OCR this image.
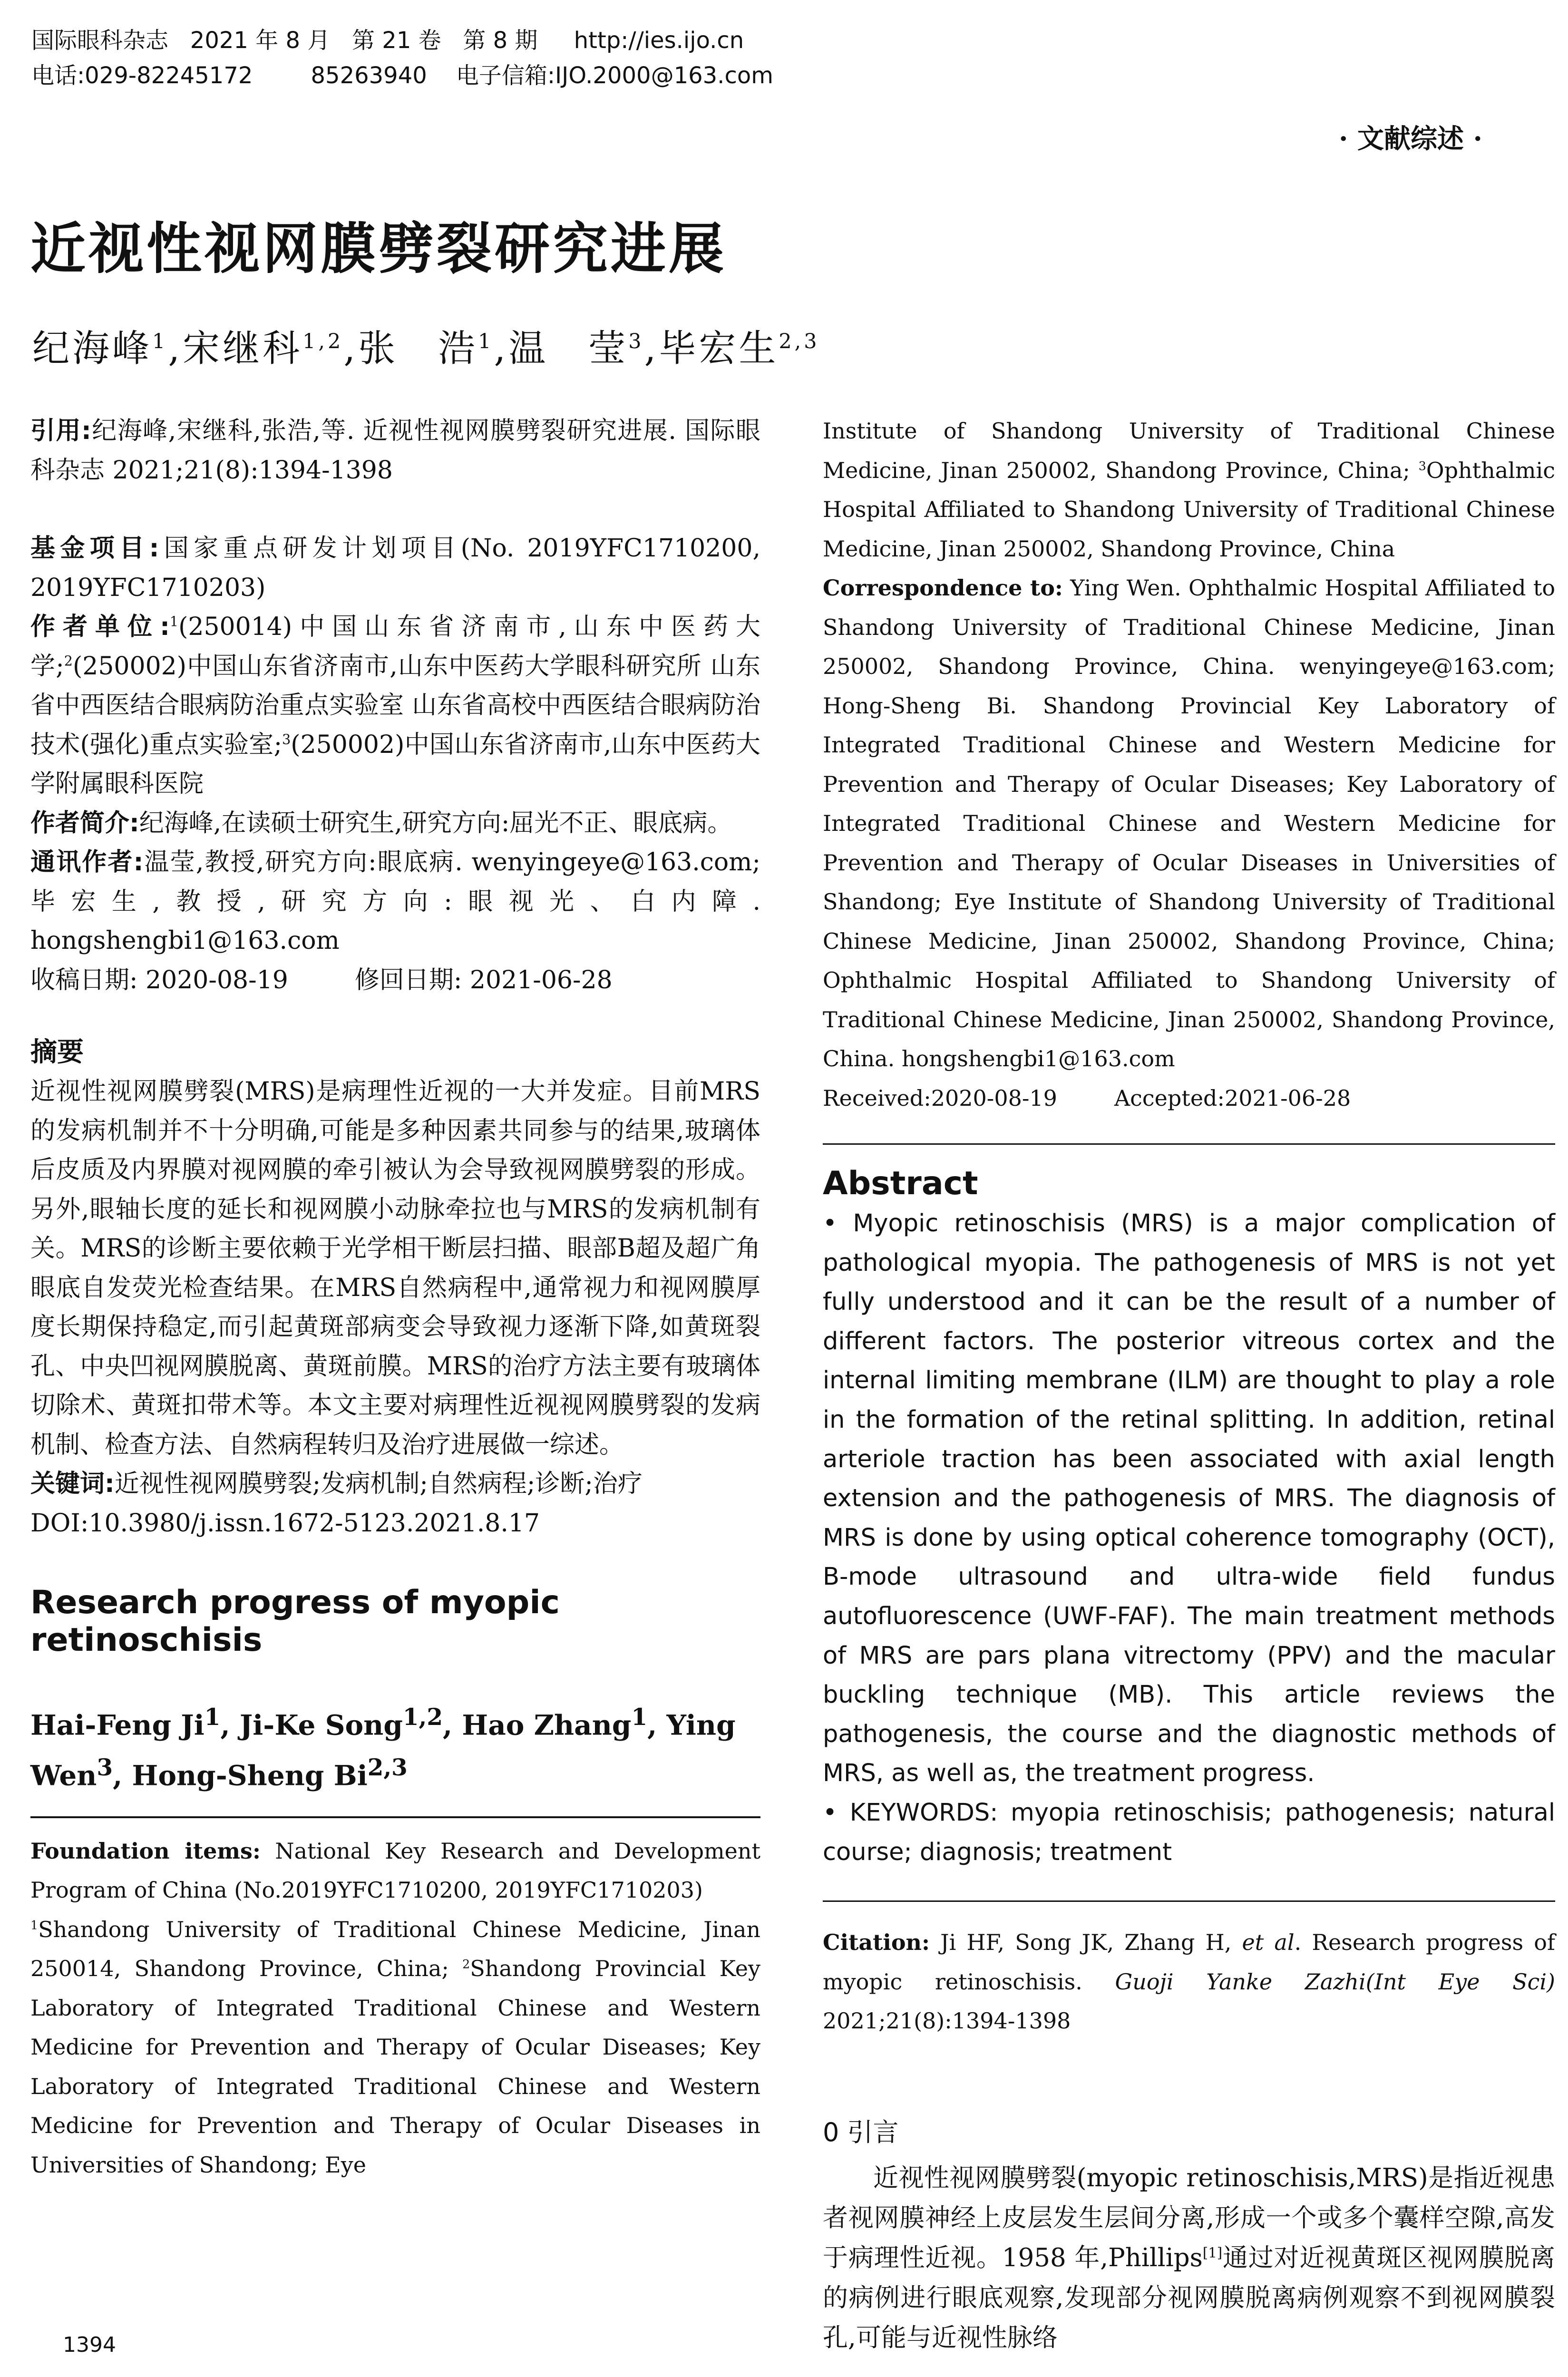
国际眼科杂志   2021 年 8 月   第 21 卷   第 8 期     http://ies.ijo.cn
电话:029-82245172        85263940    电子信箱:IJO.2000@163.com
· 文献综述 ·
近视性视网膜劈裂研究进展
纪海峰$^1$,宋继科$^{1,2}$,张　浩$^1$,温　莹$^3$,毕宏生$^{2,3}$

引用:纪海峰,宋继科,张浩,等. 近视性视网膜劈裂研究进展. 国际眼科杂志 2021;21(8):1394-1398

基金项目:国家重点研发计划项目(No. 2019YFC1710200, 2019YFC1710203)

作者单位:$^1$(250014)中国山东省济南市,山东中医药大学;$^2$(250002)中国山东省济南市,山东中医药大学眼科研究所 山东省中西医结合眼病防治重点实验室 山东省高校中西医结合眼病防治技术(强化)重点实验室;$^3$(250002)中国山东省济南市,山东中医药大学附属眼科医院

作者简介:纪海峰,在读硕士研究生,研究方向:屈光不正、眼底病。

通讯作者:温莹,教授,研究方向:眼底病. wenyingeye@163.com; 毕宏生,教授,研究方向:眼视光、白内障. hongshengbi1@163.com

收稿日期: 2020-08-19	修回日期: 2021-06-28

摘要

近视性视网膜劈裂(MRS)是病理性近视的一大并发症。目前MRS的发病机制并不十分明确,可能是多种因素共同参与的结果,玻璃体后皮质及内界膜对视网膜的牵引被认为会导致视网膜劈裂的形成。另外,眼轴长度的延长和视网膜小动脉牵拉也与MRS的发病机制有关。MRS的诊断主要依赖于光学相干断层扫描、眼部B超及超广角眼底自发荧光检查结果。在MRS自然病程中,通常视力和视网膜厚度长期保持稳定,而引起黄斑部病变会导致视力逐渐下降,如黄斑裂孔、中央凹视网膜脱离、黄斑前膜。MRS的治疗方法主要有玻璃体切除术、黄斑扣带术等。本文主要对病理性近视视网膜劈裂的发病机制、检查方法、自然病程转归及治疗进展做一综述。

关键词:近视性视网膜劈裂;发病机制;自然病程;诊断;治疗

DOI:10.3980/j.issn.1672-5123.2021.8.17

Research progress of myopic retinoschisis

Hai-Feng Ji$^1$, Ji-Ke Song$^{1,2}$, Hao Zhang$^1$, Ying Wen$^3$, Hong-Sheng Bi$^{2,3}$

Foundation items: National Key Research and Development Program of China (No.2019YFC1710200, 2019YFC1710203)

$^1$Shandong University of Traditional Chinese Medicine, Jinan 250014, Shandong Province, China; $^2$Shandong Provincial Key Laboratory of Integrated Traditional Chinese and Western Medicine for Prevention and Therapy of Ocular Diseases; Key Laboratory of Integrated Traditional Chinese and Western Medicine for Prevention and Therapy of Ocular Diseases in Universities of Shandong; Eye

Institute of Shandong University of Traditional Chinese Medicine, Jinan 250002, Shandong Province, China; $^3$Ophthalmic Hospital Affiliated to Shandong University of Traditional Chinese Medicine, Jinan 250002, Shandong Province, China

Correspondence to: Ying Wen. Ophthalmic Hospital Affiliated to Shandong University of Traditional Chinese Medicine, Jinan 250002, Shandong Province, China. wenyingeye@163.com; Hong-Sheng Bi. Shandong Provincial Key Laboratory of Integrated Traditional Chinese and Western Medicine for Prevention and Therapy of Ocular Diseases; Key Laboratory of Integrated Traditional Chinese and Western Medicine for Prevention and Therapy of Ocular Diseases in Universities of Shandong; Eye Institute of Shandong University of Traditional Chinese Medicine, Jinan 250002, Shandong Province, China; Ophthalmic Hospital Affiliated to Shandong University of Traditional Chinese Medicine, Jinan 250002, Shandong Province, China. hongshengbi1@163.com

Received:2020-08-19	Accepted:2021-06-28

Abstract

• Myopic retinoschisis (MRS) is a major complication of pathological myopia. The pathogenesis of MRS is not yet fully understood and it can be the result of a number of different factors. The posterior vitreous cortex and the internal limiting membrane (ILM) are thought to play a role in the formation of the retinal splitting. In addition, retinal arteriole traction has been associated with axial length extension and the pathogenesis of MRS. The diagnosis of MRS is done by using optical coherence tomography (OCT), B-mode ultrasound and ultra-wide field fundus autofluorescence (UWF-FAF). The main treatment methods of MRS are pars plana vitrectomy (PPV) and the macular buckling technique (MB). This article reviews the pathogenesis, the course and the diagnostic methods of MRS, as well as, the treatment progress.

• KEYWORDS: myopia retinoschisis; pathogenesis; natural course; diagnosis; treatment

Citation: Ji HF, Song JK, Zhang H, et al. Research progress of myopic retinoschisis. Guoji Yanke Zazhi(Int Eye Sci) 2021;21(8):1394-1398

0 引言

近视性视网膜劈裂(myopic retinoschisis,MRS)是指近视患者视网膜神经上皮层发生层间分离,形成一个或多个囊样空隙,高发于病理性近视。1958 年,Phillips[1]通过对近视黄斑区视网膜脱离的病例进行眼底观察,发现部分视网膜脱离病例观察不到视网膜裂孔,可能与近视性脉络

1394
